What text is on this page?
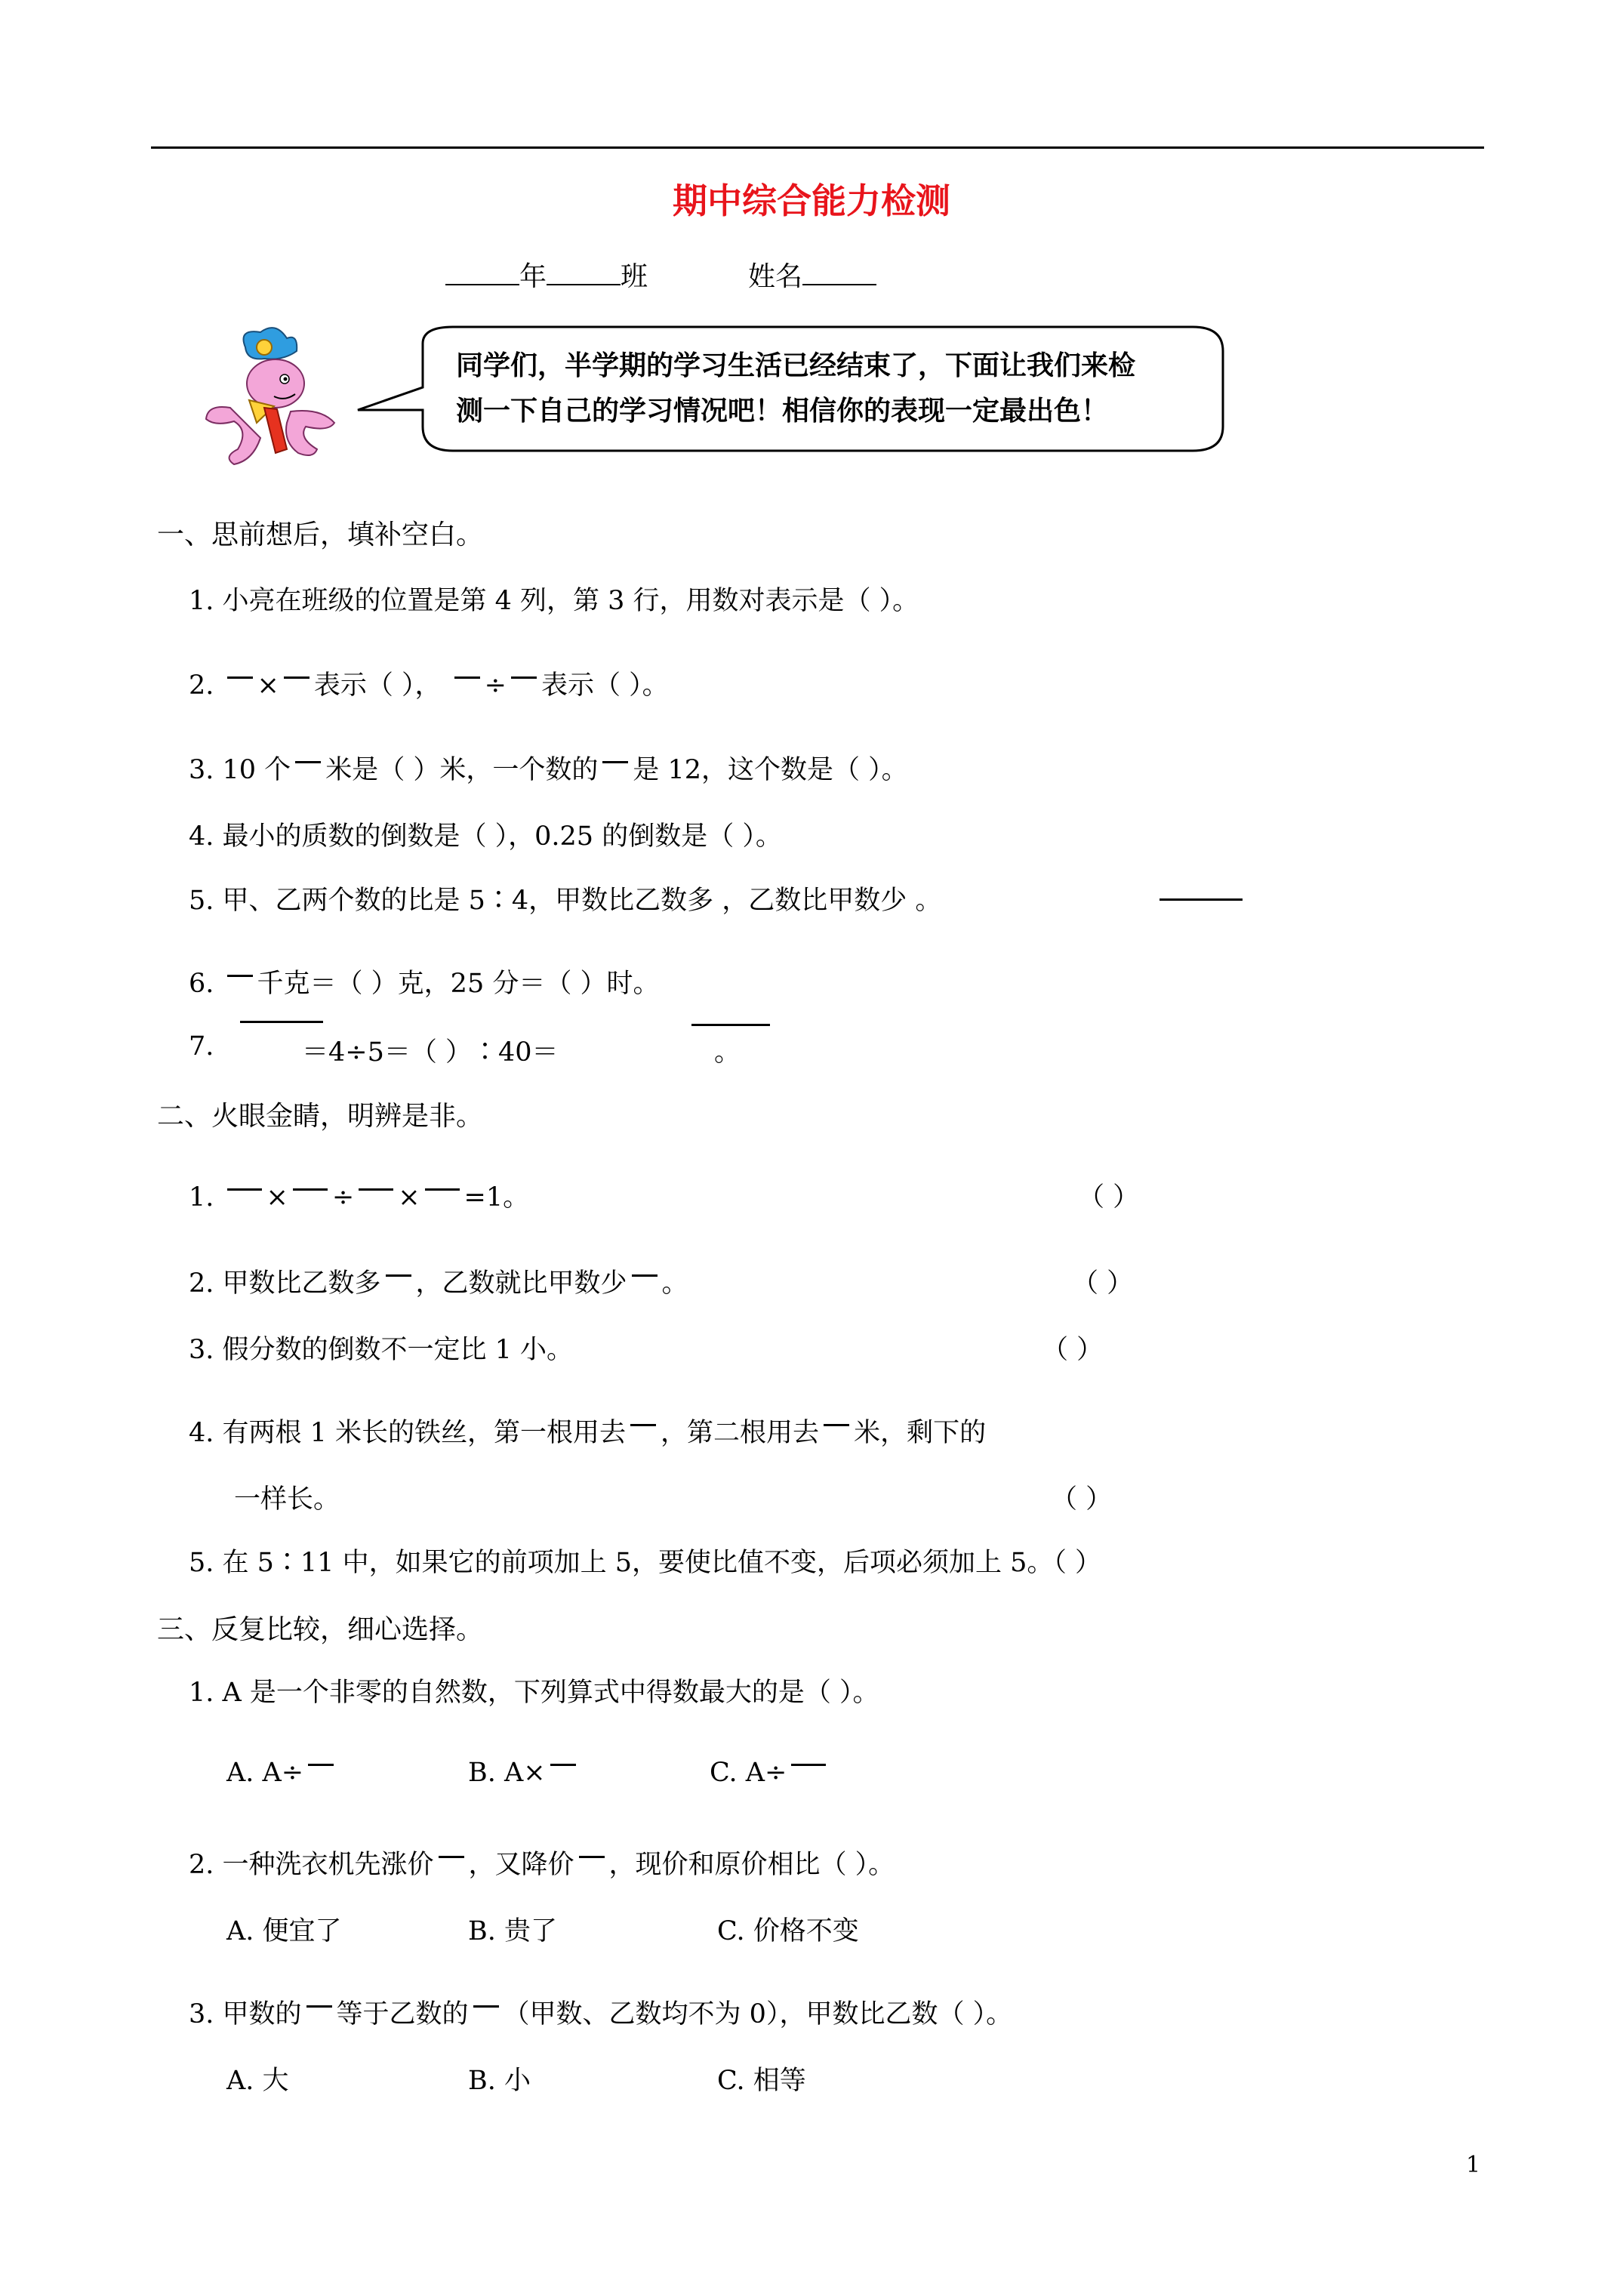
期中综合能力检测
年	班	姓名
同学们，半学期的学习生活已经结束了，下面让我们来检
测一下自己的学习情况吧！相信你的表现一定最出色！
一、思前想后，填补空白。
1. 小亮在班级的位置是第 4 列，第 3 行，用数对表示是（ ）。
2. × 表示（ ）， ÷ 表示（ ）。
3. 10 个 米是（ ）米，一个数的 是 12，这个数是（ ）。
4. 最小的质数的倒数是（ ），0.25 的倒数是（ ）。
5. 甲、乙两个数的比是 5∶4，甲数比乙数多 ，乙数比甲数少 。
6. 千克＝（ ）克，25 分＝（ ）时。
7.	＝4÷5＝（ ）∶40＝	。
二、火眼金睛，明辨是非。
1. × ÷ × =1。	（ ）
2. 甲数比乙数多 ，乙数就比甲数少 。	（ ）
3. 假分数的倒数不一定比 1 小。	（ ）
4. 有两根 1 米长的铁丝，第一根用去 ，第二根用去 米，剩下的
一样长。	（ ）
5. 在 5∶11 中，如果它的前项加上 5，要使比值不变，后项必须加上 5。（ ）
三、反复比较，细心选择。
1. A 是一个非零的自然数，下列算式中得数最大的是（ ）。
A. A÷	B. A×	C. A÷
2. 一种洗衣机先涨价 ，又降价 ，现价和原价相比（ ）。
A. 便宜了	B. 贵了	C. 价格不变
3. 甲数的 等于乙数的 （甲数、乙数均不为 0），甲数比乙数（ ）。
A. 大	B. 小	C. 相等
1
